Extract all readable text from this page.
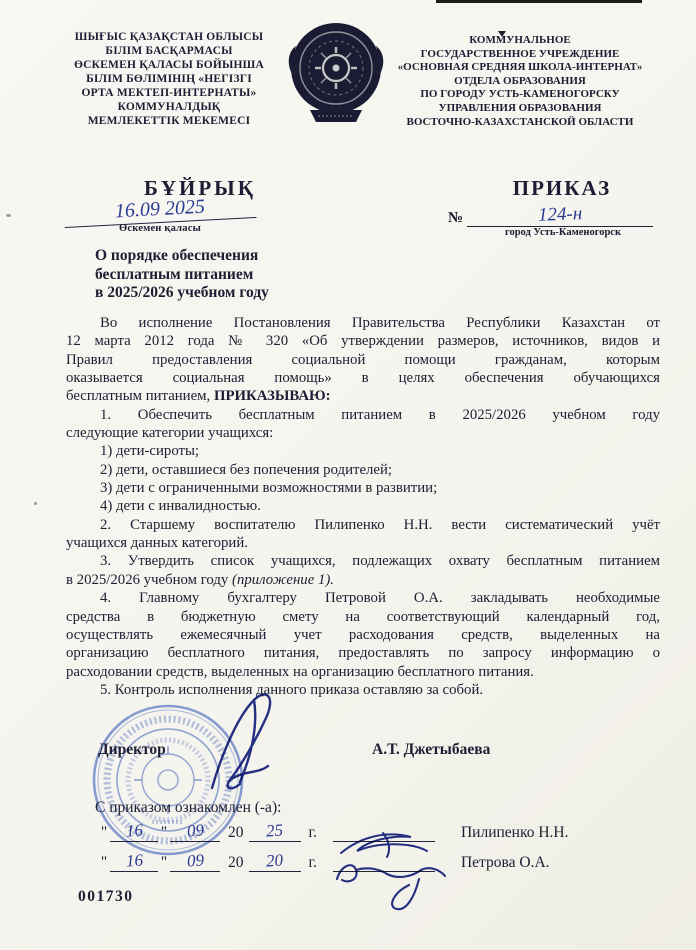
ШЫҒЫС ҚАЗАҚСТАН ОБЛЫСЫ
БІЛІМ БАСҚАРМАСЫ
ӨСКЕМЕН ҚАЛАСЫ БОЙЫНША
БІЛІМ БӨЛІМІНІҢ «НЕГІЗГІ
ОРТА МЕКТЕП-ИНТЕРНАТЫ»
КОММУНАЛДЫҚ
МЕМЛЕКЕТТІК МЕКЕМЕСІ
КОММУНАЛЬНОЕ
ГОСУДАРСТВЕННОЕ УЧРЕЖДЕНИЕ
«ОСНОВНАЯ СРЕДНЯЯ ШКОЛА-ИНТЕРНАТ»
ОТДЕЛА ОБРАЗОВАНИЯ
ПО ГОРОДУ УСТЬ-КАМЕНОГОРСКУ
УПРАВЛЕНИЯ ОБРАЗОВАНИЯ
ВОСТОЧНО-КАЗАХСТАНСКОЙ ОБЛАСТИ
БҰЙРЫҚ	ПРИКАЗ
16.09 2025
Өскемен қаласы
№	124-н
город Усть-Каменогорск
О порядке обеспечения
бесплатным питанием
в 2025/2026 учебном году
Во исполнение Постановления Правительства Республики Казахстан от
12 марта 2012 года № 320 «Об утверждении размеров, источников, видов и
Правил предоставления социальной помощи гражданам, которым
оказывается социальная помощь» в целях обеспечения обучающихся
бесплатным питанием, ПРИКАЗЫВАЮ:
1. Обеспечить бесплатным питанием в 2025/2026 учебном году
следующие категории учащихся:
1) дети-сироты;
2) дети, оставшиеся без попечения родителей;
3) дети с ограниченными возможностями в развитии;
4) дети с инвалидностью.
2. Старшему воспитателю Пилипенко Н.Н. вести систематический учёт
учащихся данных категорий.
3. Утвердить список учащихся, подлежащих охвату бесплатным питанием
в 2025/2026 учебном году (приложение 1).
4. Главному бухгалтеру Петровой О.А. закладывать необходимые
средства в бюджетную смету на соответствующий календарный год,
осуществлять ежемесячный учет расходования средств, выделенных на
организацию бесплатного питания, предоставлять по запросу информацию о
расходовании средств, выделенных на организацию бесплатного питания.
5. Контроль исполнения данного приказа оставляю за собой.
Директор	А.Т. Джетыбаева
С приказом ознакомлен (-а):
"	16	"	09	20	25	г.	Пилипенко Н.Н.
"	16	"	09	20	20	г.	Петрова О.А.
001730
